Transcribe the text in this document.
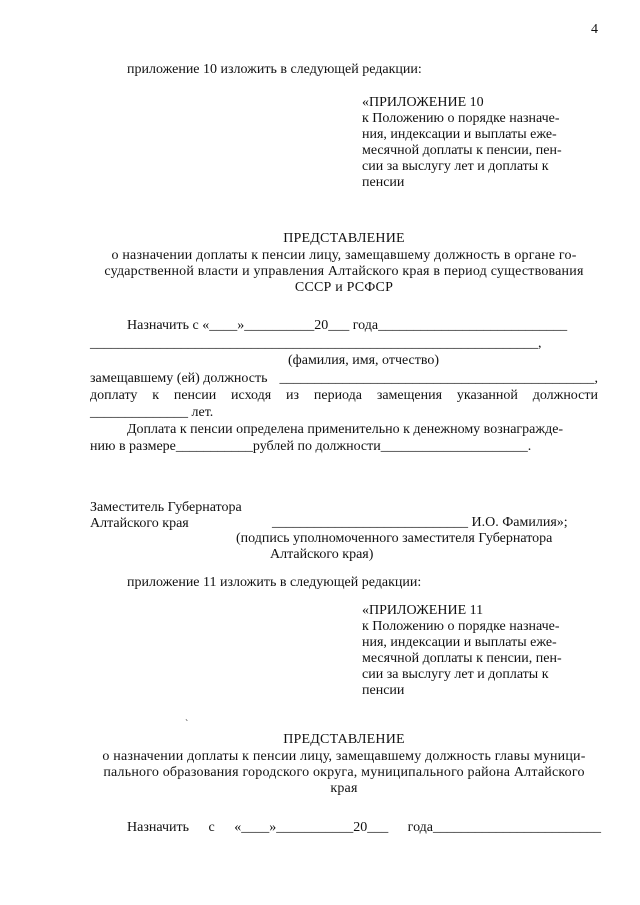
4
приложение 10 изложить в следующей редакции:
«ПРИЛОЖЕНИЕ 10
к Положению о порядке назначе-
ния, индексации и выплаты еже-
месячной доплаты к пенсии, пен-
сии за выслугу лет и доплаты к
пенсии
ПРЕДСТАВЛЕНИЕ
о назначении доплаты к пенсии лицу, замещавшему должность в органе го-
сударственной власти и управления Алтайского края в период существования
СССР и РСФСР
Назначить с «____»__________20___ года___________________________
________________________________________________________________,
(фамилия, имя, отчество)
замещавшему (ей) должность _____________________________________________,
доплату к пенсии исходя из периода замещения указанной должности
______________ лет.
Доплата к пенсии определена применительно к денежному вознагражде-
нию в размере___________рублей по должности_____________________.
Заместитель Губернатора
Алтайского края	____________________________ И.О. Фамилия»;
(подпись уполномоченного заместителя Губернатора
Алтайского края)
приложение 11 изложить в следующей редакции:
«ПРИЛОЖЕНИЕ 11
к Положению о порядке назначе-
ния, индексации и выплаты еже-
месячной доплаты к пенсии, пен-
сии за выслугу лет и доплаты к
пенсии
`
ПРЕДСТАВЛЕНИЕ
о назначении доплаты к пенсии лицу, замещавшему должность главы муници-
пального образования городского округа, муниципального района Алтайского
края
Назначить с «____»___________20___ года________________________
